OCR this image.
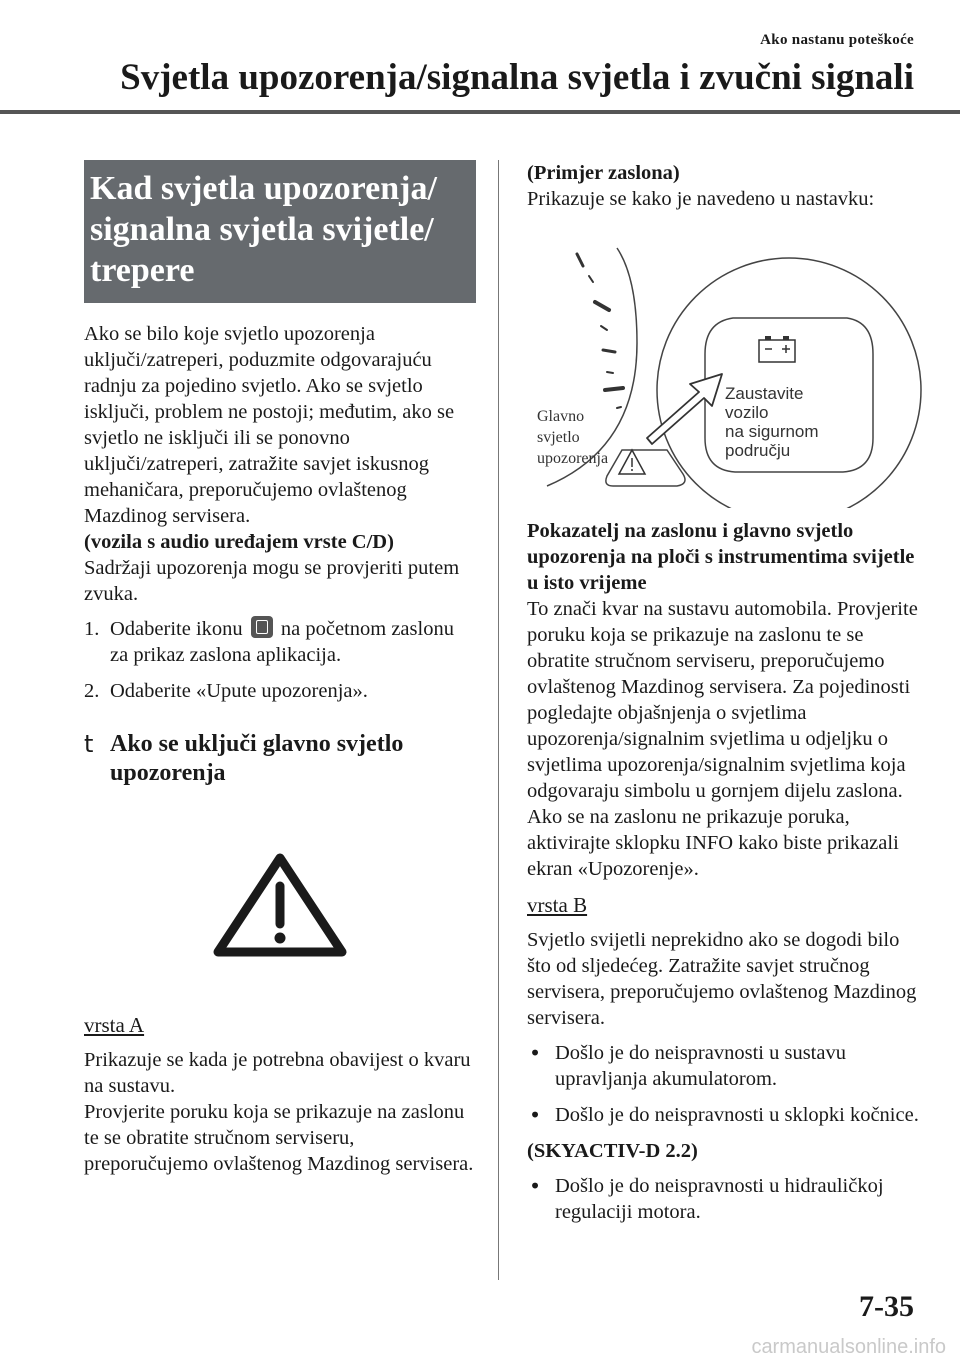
Ako nastanu poteškoće
Svjetla upozorenja/signalna svjetla i zvučni signali
Kad svjetla upozorenja/ signalna svjetla svijetle/ trepere

Ako se bilo koje svjetlo upozorenja uključi/zatreperi, poduzmite odgovarajuću radnju za pojedino svjetlo. Ako se svjetlo isključi, problem ne postoji; međutim, ako se svjetlo ne isključi ili se ponovno uključi/zatreperi, zatražite savjet iskusnog mehaničara, preporučujemo ovlaštenog Mazdinog servisera.

(vozila s audio uređajem vrste C/D)

Sadržaji upozorenja mogu se provjeriti putem zvuka.

1. Odaberite ikonu na početnom zaslonu za prikaz zaslona aplikacija.
2. Odaberite «Upute upozorenja».
t Ako se uključi glavno svjetlo upozorenja
vrsta A

Prikazuje se kada je potrebna obavijest o kvaru na sustavu.

Provjerite poruku koja se prikazuje na zaslonu te se obratite stručnom serviseru, preporučujemo ovlaštenog Mazdinog servisera.

(Primjer zaslona)

Prikazuje se kako je navedeno u nastavku:

Glavno
svjetlo
upozorenja
Zaustavite
vozilo
na sigurnom
području

Pokazatelj na zaslonu i glavno svjetlo upozorenja na ploči s instrumentima svijetle u isto vrijeme

To znači kvar na sustavu automobila. Provjerite poruku koja se prikazuje na zaslonu te se obratite stručnom serviseru, preporučujemo ovlaštenog Mazdinog servisera. Za pojedinosti pogledajte objašnjenja o svjetlima upozorenja/signalnim svjetlima u odjeljku o svjetlima upozorenja/signalnim svjetlima koja odgovaraju simbolu u gornjem dijelu zaslona. Ako se na zaslonu ne prikazuje poruka, aktivirajte sklopku INFO kako biste prikazali ekran «Upozorenje».

vrsta B

Svjetlo svijetli neprekidno ako se dogodi bilo što od sljedećeg. Zatražite savjet stručnog servisera, preporučujemo ovlaštenog Mazdinog servisera.

• Došlo je do neispravnosti u sustavu upravljanja akumulatorom.
• Došlo je do neispravnosti u sklopki kočnice.

(SKYACTIV-D 2.2)

• Došlo je do neispravnosti u hidrauličkoj regulaciji motora.
7-35
carmanualsonline.info
